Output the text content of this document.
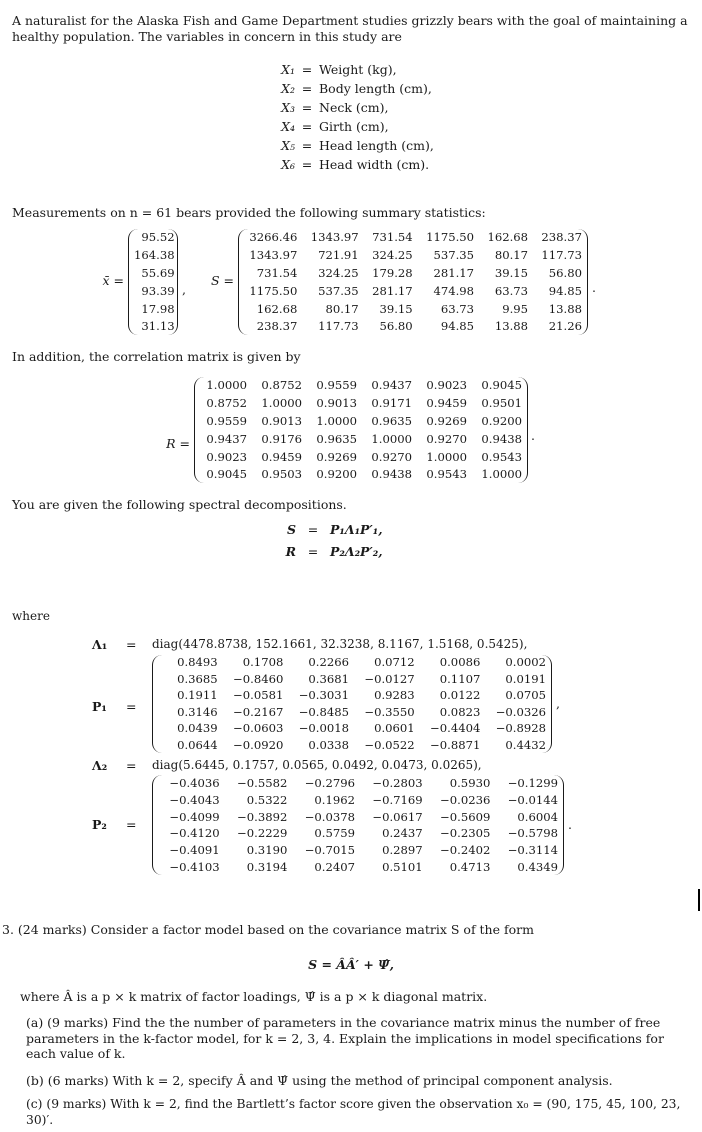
A naturalist for the Alaska Fish and Game Department studies grizzly bears with the goal of maintaining a healthy population. The variables in concern in this study are
X₁ = Weight (kg),
X₂ = Body length (cm),
X₃ = Neck (cm),
X₄ = Girth (cm),
X₅ = Head length (cm),
X₆ = Head width (cm).
Measurements on n = 61 bears provided the following summary statistics:
x̄ =
95.52
164.38
55.69
93.39
17.98
31.13
,
S =
3266.46	1343.97	731.54	1175.50	162.68	238.37
1343.97	721.91	324.25	537.35	80.17	117.73
731.54	324.25	179.28	281.17	39.15	56.80
1175.50	537.35	281.17	474.98	63.73	94.85
162.68	80.17	39.15	63.73	9.95	13.88
238.37	117.73	56.80	94.85	13.88	21.26
.
In addition, the correlation matrix is given by
R =
1.0000	0.8752	0.9559	0.9437	0.9023	0.9045
0.8752	1.0000	0.9013	0.9171	0.9459	0.9501
0.9559	0.9013	1.0000	0.9635	0.9269	0.9200
0.9437	0.9176	0.9635	1.0000	0.9270	0.9438
0.9023	0.9459	0.9269	0.9270	1.0000	0.9543
0.9045	0.9503	0.9200	0.9438	0.9543	1.0000
.
You are given the following spectral decompositions.
S = P₁Λ₁P′₁,
R = P₂Λ₂P′₂,
where
Λ₁ = diag(4478.8738, 152.1661, 32.3238, 8.1167, 1.5168, 0.5425),
P₁ =
0.8493	0.1708	0.2266	0.0712	0.0086	0.0002
0.3685	−0.8460	0.3681	−0.0127	0.1107	0.0191
0.1911	−0.0581	−0.3031	0.9283	0.0122	0.0705
0.3146	−0.2167	−0.8485	−0.3550	0.0823	−0.0326
0.0439	−0.0603	−0.0018	0.0601	−0.4404	−0.8928
0.0644	−0.0920	0.0338	−0.0522	−0.8871	0.4432
,
Λ₂ = diag(5.6445, 0.1757, 0.0565, 0.0492, 0.0473, 0.0265),
P₂ =
−0.4036	−0.5582	−0.2796	−0.2803	0.5930	−0.1299
−0.4043	0.5322	0.1962	−0.7169	−0.0236	−0.0144
−0.4099	−0.3892	−0.0378	−0.0617	−0.5609	0.6004
−0.4120	−0.2229	0.5759	0.2437	−0.2305	−0.5798
−0.4091	0.3190	−0.7015	0.2897	−0.2402	−0.3114
−0.4103	0.3194	0.2407	0.5101	0.4713	0.4349
.
3. (24 marks) Consider a factor model based on the covariance matrix S of the form
S = ÂÂ′ + Ψ̂,
where Â is a p × k matrix of factor loadings, Ψ̂ is a p × k diagonal matrix.
(a) (9 marks) Find the the number of parameters in the covariance matrix minus the number of free parameters in the k-factor model, for k = 2, 3, 4. Explain the implications in model specifications for each value of k.
(b) (6 marks) With k = 2, specify Â and Ψ̂ using the method of principal component analysis.
(c) (9 marks) With k = 2, find the Bartlett’s factor score given the observation x₀ = (90, 175, 45, 100, 23, 30)′.
